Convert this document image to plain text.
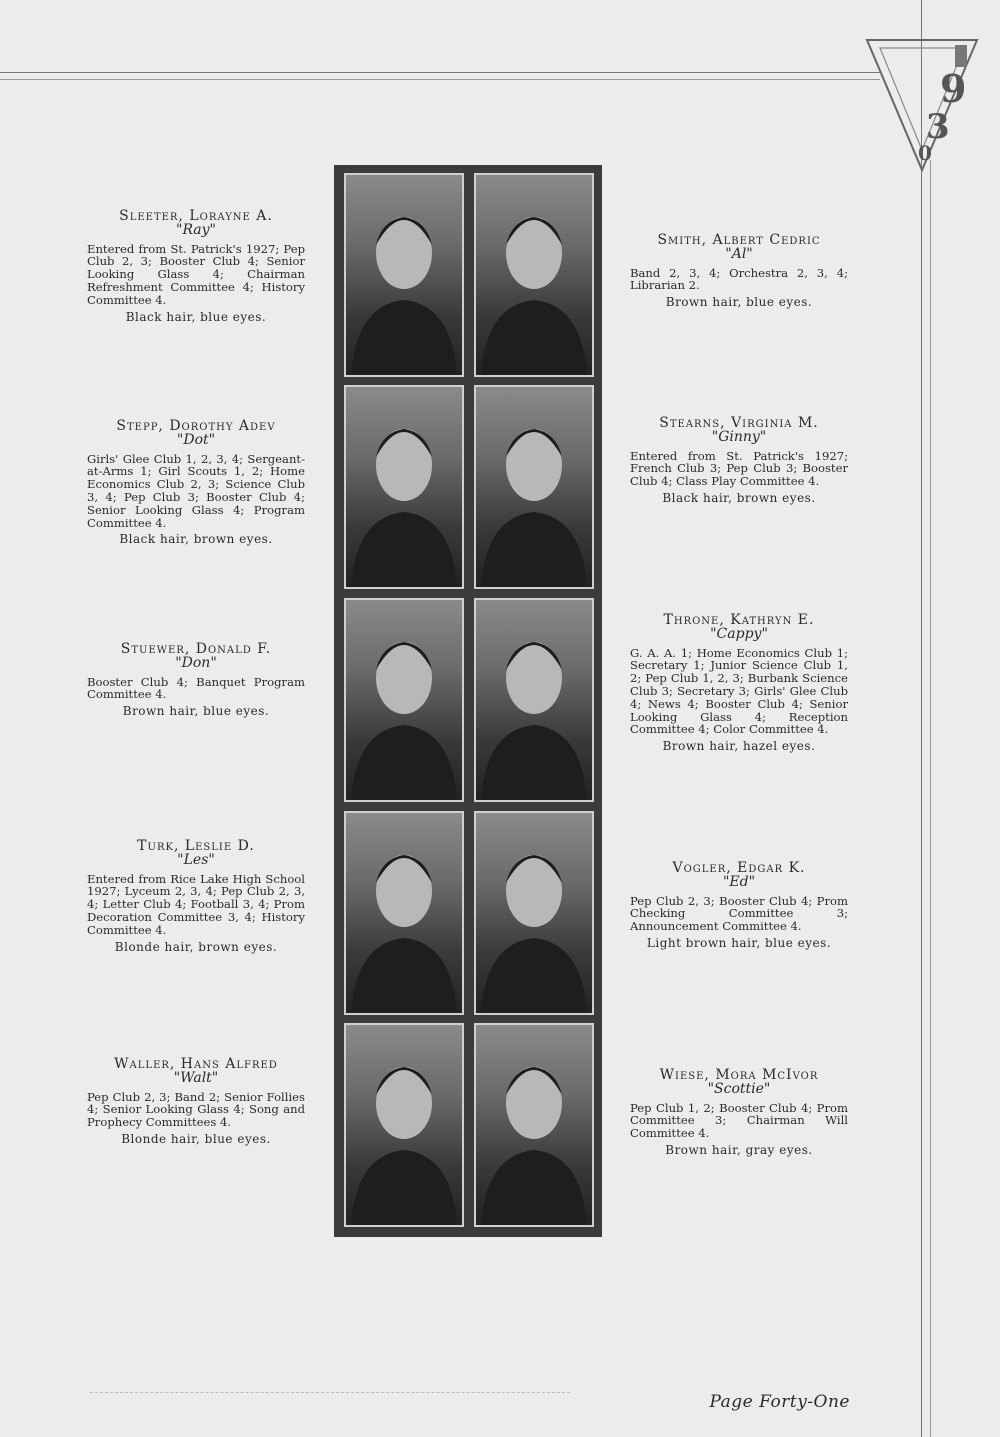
9
3
0
Sleeter, Lorayne A.
"Ray"
Entered from St. Patrick's 1927; Pep Club 2, 3; Booster Club 4; Senior Looking Glass 4; Chairman Refreshment Committee 4; History Committee 4.
Black hair, blue eyes.
Stepp, Dorothy Adev
"Dot"
Girls' Glee Club 1, 2, 3, 4; Sergeant-at-Arms 1; Girl Scouts 1, 2; Home Economics Club 2, 3; Science Club 3, 4; Pep Club 3; Booster Club 4; Senior Looking Glass 4; Program Committee 4.
Black hair, brown eyes.
Stuewer, Donald F.
"Don"
Booster Club 4; Banquet Program Committee 4.
Brown hair, blue eyes.
Turk, Leslie D.
"Les"
Entered from Rice Lake High School 1927; Lyceum 2, 3, 4; Pep Club 2, 3, 4; Letter Club 4; Football 3, 4; Prom Decoration Committee 3, 4; History Committee 4.
Blonde hair, brown eyes.
Waller, Hans Alfred
"Walt"
Pep Club 2, 3; Band 2; Senior Follies 4; Senior Looking Glass 4; Song and Prophecy Committees 4.
Blonde hair, blue eyes.
Smith, Albert Cedric
"Al"
Band 2, 3, 4; Orchestra 2, 3, 4; Librarian 2.
Brown hair, blue eyes.
Stearns, Virginia M.
"Ginny"
Entered from St. Patrick's 1927; French Club 3; Pep Club 3; Booster Club 4; Class Play Committee 4.
Black hair, brown eyes.
Throne, Kathryn E.
"Cappy"
G. A. A. 1; Home Economics Club 1; Secretary 1; Junior Science Club 1, 2; Pep Club 1, 2, 3; Burbank Science Club 3; Secretary 3; Girls' Glee Club 4; News 4; Booster Club 4; Senior Looking Glass 4; Reception Committee 4; Color Committee 4.
Brown hair, hazel eyes.
Vogler, Edgar K.
"Ed"
Pep Club 2, 3; Booster Club 4; Prom Checking Committee 3; Announcement Committee 4.
Light brown hair, blue eyes.
Wiese, Mora McIvor
"Scottie"
Pep Club 1, 2; Booster Club 4; Prom Committee 3; Chairman Will Committee 4.
Brown hair, gray eyes.
Page Forty-One
